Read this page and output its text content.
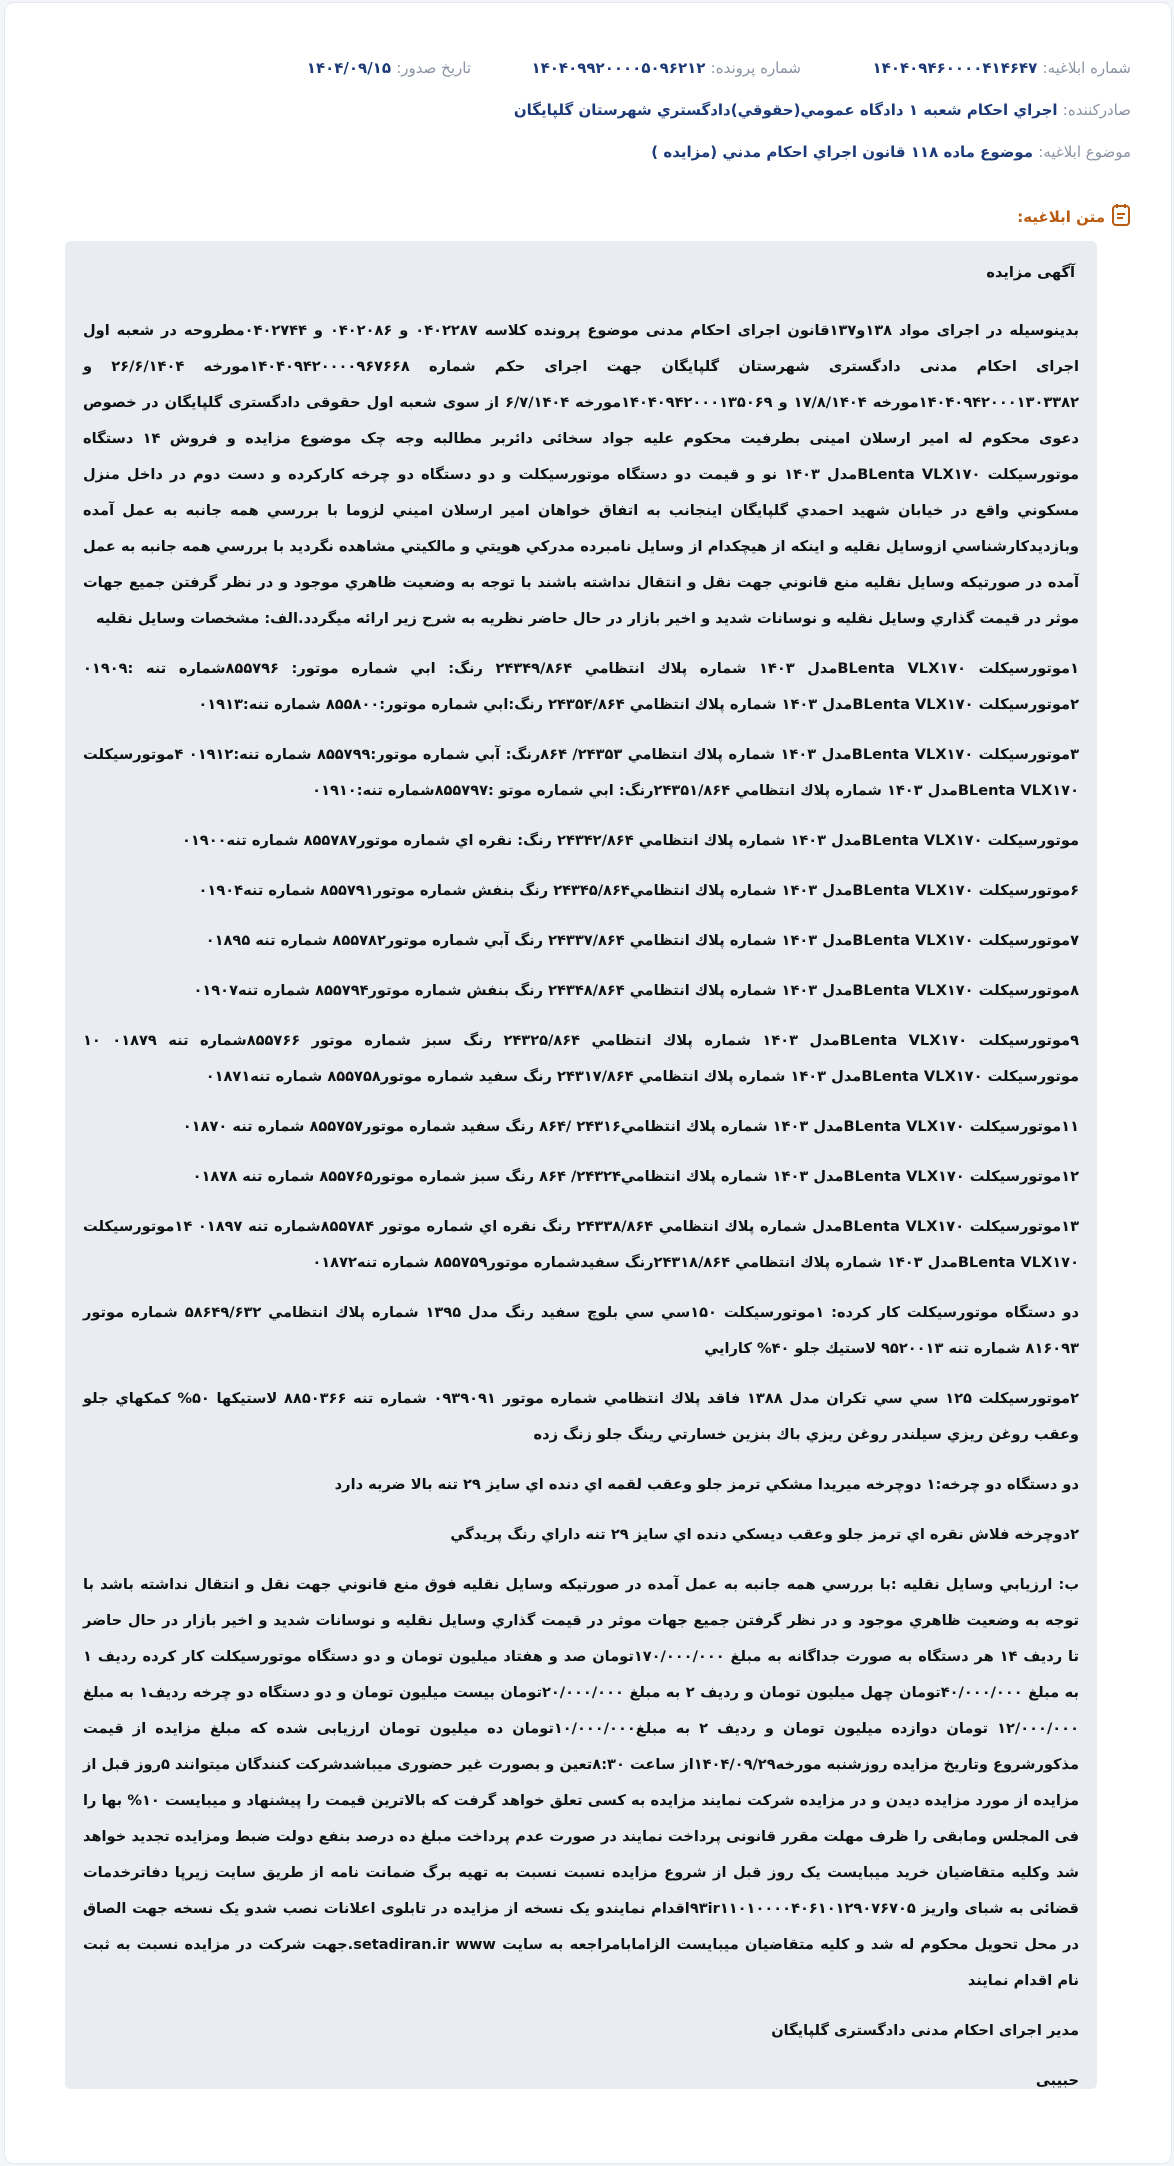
شماره ابلاغیه: ۱۴۰۴۰۹۴۶۰۰۰۰۴۱۴۶۴۷
شماره پرونده: ۱۴۰۴۰۹۹۲۰۰۰۰۵۰۹۶۲۱۲
تاریخ صدور: ۱۴۰۴/۰۹/۱۵
صادرکننده: اجراي احكام شعبه ۱ دادگاه عمومي(حقوقي)دادگستري شهرستان گلپايگان
موضوع ابلاغیه: موضوع ماده ۱۱۸ قانون اجراي احكام مدني (مزايده )
متن ابلاغیه:

آگهی مزایده

بدینوسیله در اجرای مواد ۱۳۸و۱۳۷قانون اجرای احکام مدنی موضوع پرونده کلاسه ۰۴۰۲۲۸۷ و ۰۴۰۲۰۸۶ و ۰۴۰۲۷۴۴مطروحه در شعبه اول اجرای احکام مدنی دادگستری شهرستان گلپایگان جهت اجرای حکم شماره ۱۴۰۴۰۹۴۲۰۰۰۰۹۶۷۶۶۸مورخه ۲۶/۶/۱۴۰۴ و ۱۴۰۴۰۹۴۲۰۰۰۱۳۰۳۳۸۲مورخه ۱۷/۸/۱۴۰۴ و ۱۴۰۴۰۹۴۲۰۰۰۱۳۵۰۶۹مورخه ۶/۷/۱۴۰۴ از سوی شعبه اول حقوقی دادگستری گلپایگان در خصوص دعوی محکوم له امیر ارسلان امینی بطرفیت محکوم علیه جواد سخائی دائربر مطالبه وجه چک موضوع مزایده و فروش ۱۴ دستگاه موتورسیکلت BLenta VLX۱۷۰مدل ۱۴۰۳ نو و قیمت دو دستگاه موتورسیکلت و دو دستگاه دو چرخه کارکرده و دست دوم در داخل منزل مسکوني واقع در خیابان شهید احمدي گلپایگان اینجانب به اتفاق خواهان امیر ارسلان اميني لزوما با بررسي همه جانبه به عمل آمده وبازديدكارشناسي ازوسايل نقليه و اينكه از هيچكدام از وسايل نامبرده مدركي هويتي و مالكيتي مشاهده نگرديد با بررسي همه جانبه به عمل آمده در صورتيكه وسايل نقليه منع قانوني جهت نقل و انتقال نداشته باشند با توجه به وضعيت ظاهري موجود و در نظر گرفتن جميع جهات موثر در قيمت گذاري وسايل نقليه و نوسانات شديد و اخير بازار در حال حاضر نظريه به شرح زير ارائه ميگردد.الف: مشخصات وسايل نقليه

۱موتورسيكلت BLenta VLX۱۷۰مدل ۱۴۰۳ شماره پلاك انتظامي ۲۴۳۴۹/۸۶۴ رنگ: ابي شماره موتور: ۸۵۵۷۹۶شماره تنه :۰۱۹۰۹ ۲موتورسيكلت BLenta VLX۱۷۰مدل ۱۴۰۳ شماره پلاك انتظامي ۲۴۳۵۴/۸۶۴ رنگ:ابي شماره موتور:۸۵۵۸۰۰ شماره تنه:۰۱۹۱۳

۳موتورسيكلت BLenta VLX۱۷۰مدل ۱۴۰۳ شماره پلاك انتظامي ۲۴۳۵۳/ ۸۶۴رنگ: آبي شماره موتور:۸۵۵۷۹۹ شماره تنه:۰۱۹۱۲ ۴موتورسيكلت BLenta VLX۱۷۰مدل ۱۴۰۳ شماره پلاك انتظامي ۲۴۳۵۱/۸۶۴رنگ: ابي شماره موتو :۸۵۵۷۹۷شماره تنه:۰۱۹۱۰

موتورسيكلت BLenta VLX۱۷۰مدل ۱۴۰۳ شماره پلاك انتظامي ۲۴۳۴۲/۸۶۴ رنگ: نقره اي شماره موتور۸۵۵۷۸۷ شماره تنه۰۱۹۰۰

۶موتورسيكلت BLenta VLX۱۷۰مدل ۱۴۰۳ شماره پلاك انتظامي۲۴۳۴۵/۸۶۴ رنگ بنفش شماره موتور۸۵۵۷۹۱ شماره تنه۰۱۹۰۴

۷موتورسيكلت BLenta VLX۱۷۰مدل ۱۴۰۳ شماره پلاك انتظامي ۲۴۳۳۷/۸۶۴ رنگ آبي شماره موتور۸۵۵۷۸۲ شماره تنه ۰۱۸۹۵

۸موتورسيكلت BLenta VLX۱۷۰مدل ۱۴۰۳ شماره پلاك انتظامي ۲۴۳۴۸/۸۶۴ رنگ بنفش شماره موتور۸۵۵۷۹۴ شماره تنه۰۱۹۰۷

۹موتورسيكلت BLenta VLX۱۷۰مدل ۱۴۰۳ شماره پلاك انتظامي ۲۴۳۲۵/۸۶۴ رنگ سبز شماره موتور ۸۵۵۷۶۶شماره تنه ۰۱۸۷۹ ۱۰ موتورسيكلت BLenta VLX۱۷۰مدل ۱۴۰۳ شماره پلاك انتظامي ۲۴۳۱۷/۸۶۴ رنگ سفيد شماره موتور۸۵۵۷۵۸ شماره تنه۰۱۸۷۱

۱۱موتورسيكلت BLenta VLX۱۷۰مدل ۱۴۰۳ شماره پلاك انتظامي۲۴۳۱۶ /۸۶۴ رنگ سفيد شماره موتور۸۵۵۷۵۷ شماره تنه ۰۱۸۷۰

۱۲موتورسيكلت BLenta VLX۱۷۰مدل ۱۴۰۳ شماره پلاك انتظامي۲۴۳۲۴/ ۸۶۴ رنگ سبز شماره موتور۸۵۵۷۶۵ شماره تنه ۰۱۸۷۸

۱۳موتورسيكلت BLenta VLX۱۷۰مدل شماره پلاك انتظامي ۲۴۳۳۸/۸۶۴ رنگ نقره اي شماره موتور ۸۵۵۷۸۴شماره تنه ۰۱۸۹۷ ۱۴موتورسيكلت BLenta VLX۱۷۰مدل ۱۴۰۳ شماره پلاك انتظامي ۲۴۳۱۸/۸۶۴رنگ سفيدشماره موتور۸۵۵۷۵۹ شماره تنه۰۱۸۷۲

دو دستگاه موتورسيكلت كار كرده: ۱موتورسيكلت ۱۵۰سي سي بلوچ سفيد رنگ مدل ۱۳۹۵ شماره پلاك انتظامي ۵۸۶۴۹/۶۳۲ شماره موتور ۸۱۶۰۹۳ شماره تنه ۹۵۲۰۰۱۳ لاستيك جلو ۴۰% كارايي

۲موتورسيكلت ۱۲۵ سي سي تكران مدل ۱۳۸۸ فاقد پلاك انتظامي شماره موتور ۰۹۳۹۰۹۱ شماره تنه ۸۸۵۰۳۶۶ لاستيكها ۵۰% كمكهاي جلو وعقب روغن ريزي سيلندر روغن ريزي باك بنزين خسارتي رينگ جلو زنگ زده

دو دستگاه دو چرخه:۱ دوچرخه ميريدا مشكي ترمز جلو وعقب لقمه اي دنده اي سايز ۲۹ تنه بالا ضربه دارد

۲دوچرخه فلاش نقره اي ترمز جلو وعقب ديسكي دنده اي سايز ۲۹ تنه داراي رنگ پريدگي

ب: ارزيابي وسايل نقليه :با بررسي همه جانبه به عمل آمده در صورتيكه وسايل نقليه فوق منع قانوني جهت نقل و انتقال نداشته باشد با توجه به وضعيت ظاهري موجود و در نظر گرفتن جميع جهات موثر در قيمت گذاري وسايل نقليه و نوسانات شديد و اخير بازار در حال حاضر تا رديف ۱۴ هر دستگاه به صورت جداگانه به مبلغ ۱۷۰/۰۰۰/۰۰۰تومان صد و هفتاد ميليون تومان و دو دستگاه موتورسيكلت كار كرده رديف ۱ به مبلغ ۴۰/۰۰۰/۰۰۰تومان چهل ميليون تومان و رديف ۲ به مبلغ ۲۰/۰۰۰/۰۰۰تومان بيست ميليون تومان و دو دستگاه دو چرخه رديف۱ به مبلغ ۱۲/۰۰۰/۰۰۰ تومان دوازده ميليون تومان و رديف ۲ به مبلغ۱۰/۰۰۰/۰۰۰تومان ده ميليون تومان ارزيابی شده که مبلغ مزايده از قيمت مذکورشروع وتاریخ مزایده روزشنبه مورخه۱۴۰۴/۰۹/۲۹از ساعت ۸:۳۰تعین و بصورت غیر حضوری میباشدشرکت کنندگان میتوانند ۵روز قبل از مزایده از مورد مزایده دیدن و در مزایده شرکت نمایند مزایده به کسی تعلق خواهد گرفت که بالاترین قیمت را پیشنهاد و میبایست ۱۰% بها را فی المجلس ومابقی را ظرف مهلت مقرر قانونی پرداخت نمایند در صورت عدم پرداخت مبلغ ده درصد بنفع دولت ضبط ومزایده تجدید خواهد شد وکلیه متقاضیان خرید میبایست یک روز قبل از شروع مزایده نسبت نسبت به تهیه برگ ضمانت نامه از طریق سایت زیرپا دفاترخدمات قضائی به شبای واریز ۹۳ir۱۱۰۱۰۰۰۰۴۰۶۱۰۱۲۹۰۷۶۷۰۵اقدام نمایندو یک نسخه از مزایده در تابلوی اعلانات نصب شدو یک نسخه جهت الصاق در محل تحویل محکوم له شد و کلیه متقاضیان میبایست الزامابامراجعه به سایت setadiran.ir www.جهت شرکت در مزایده نسبت به ثبت نام اقدام نمایند

مدیر اجرای احکام مدنی دادگستری گلپایگان

حبیبی
